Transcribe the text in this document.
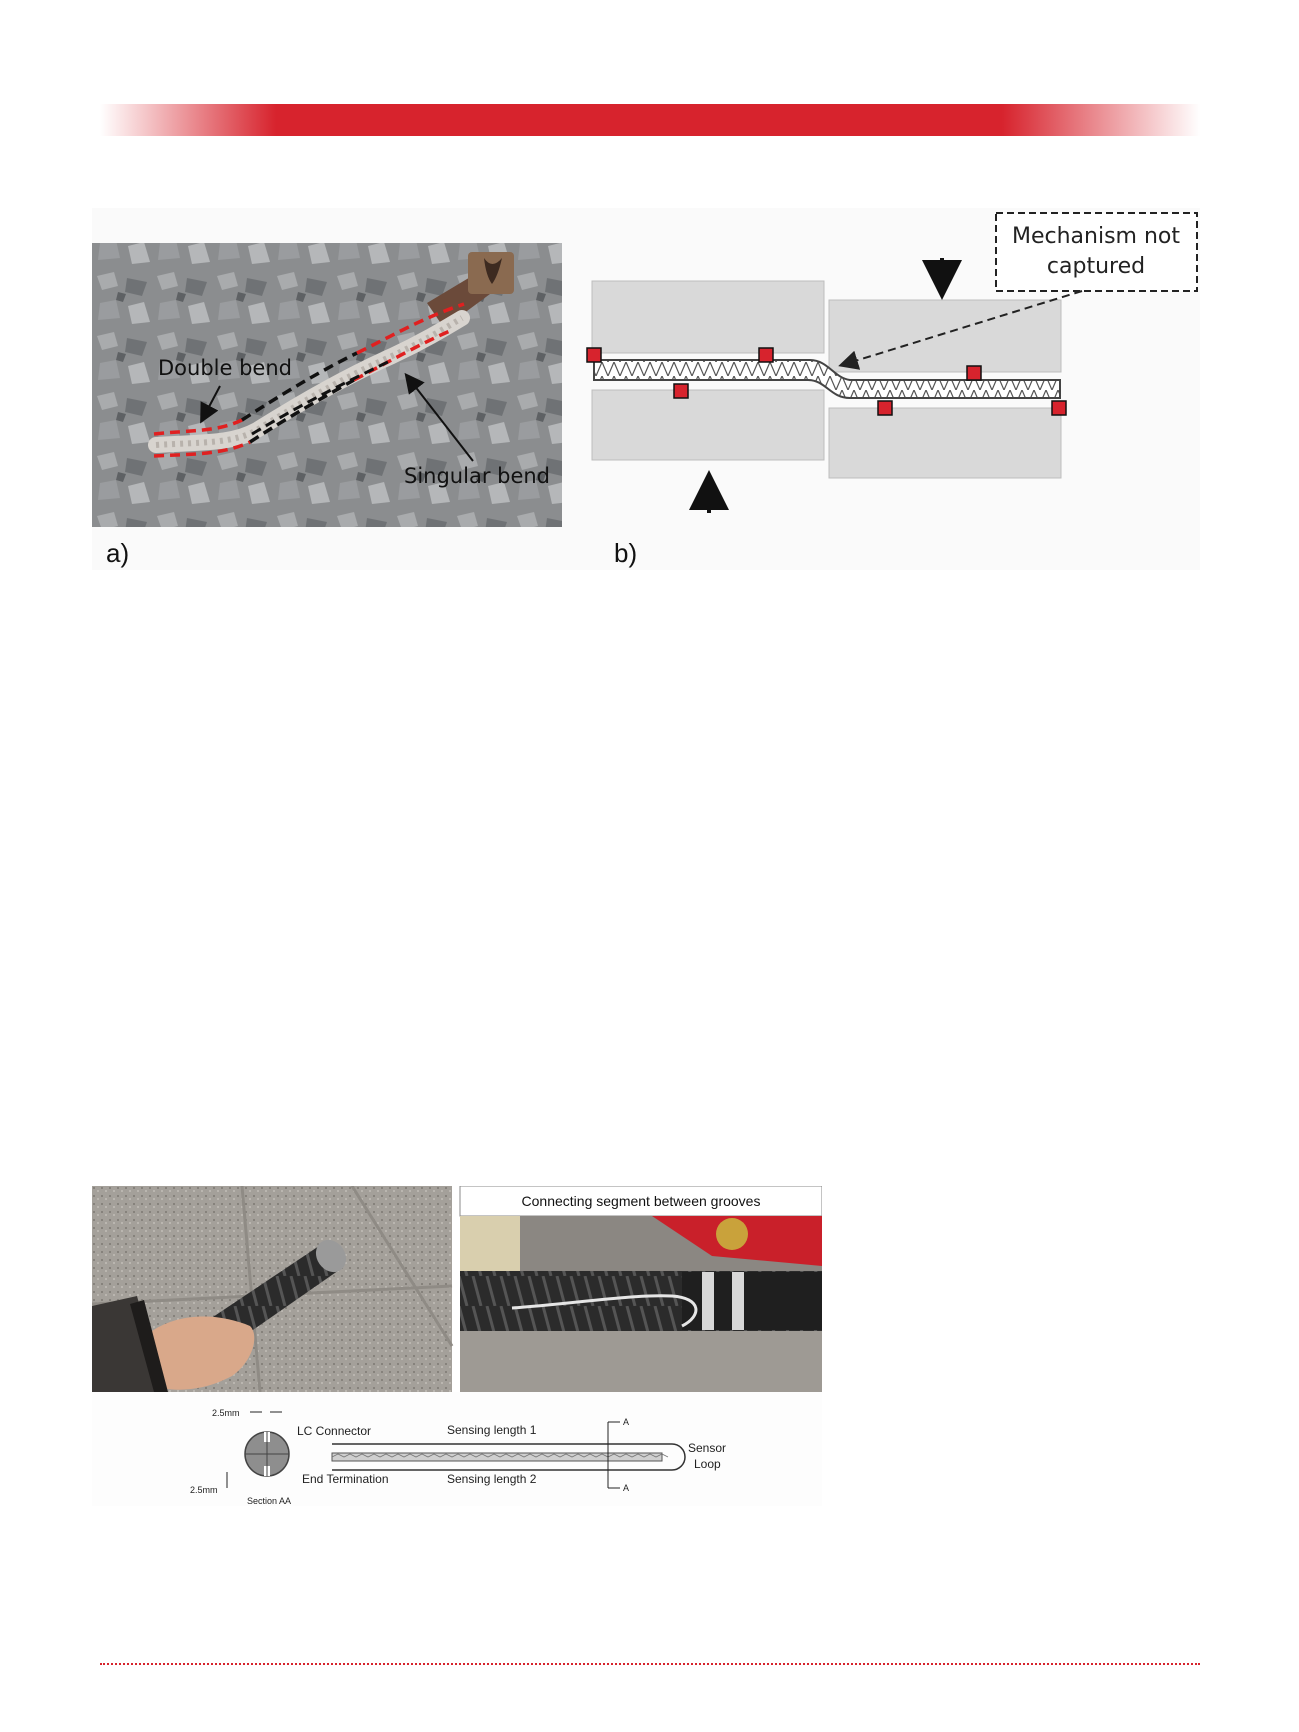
Double bend
Singular bend
a)
Mechanism not
captured
b)
Connecting segment between grooves
2.5mm
2.5mm
Section AA
LC Connector
End Termination
Sensing length 1
Sensing length 2
A
A
Sensor
Loop
